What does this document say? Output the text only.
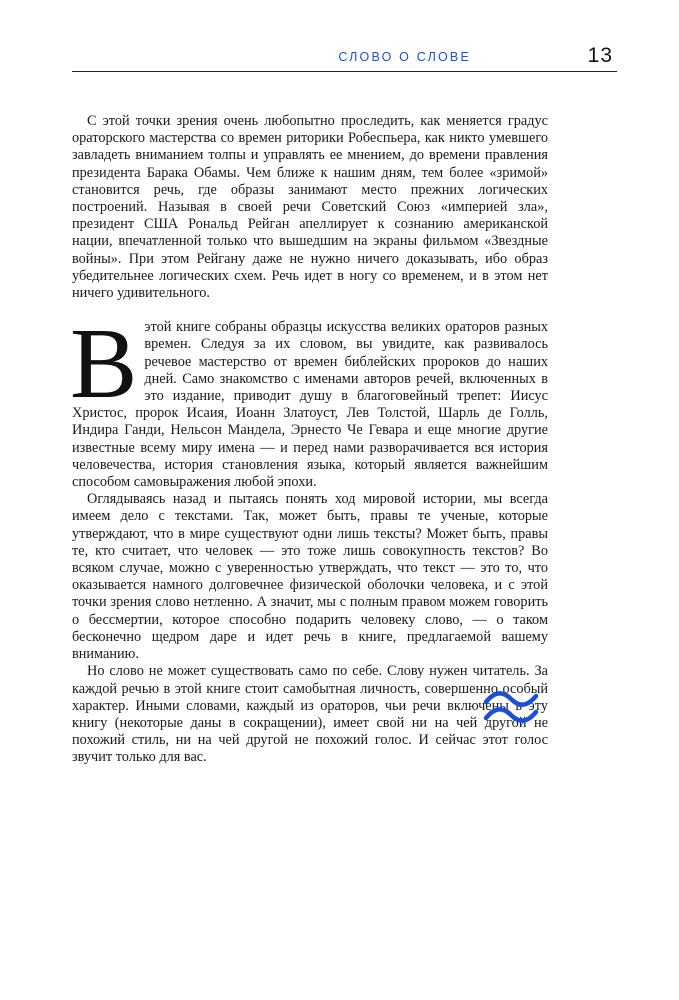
СЛОВО О СЛОВЕ	13

С этой точки зрения очень любопытно проследить, как меняется градус ораторского мастерства со времен риторики Робеспьера, как никто умевшего завладеть вниманием толпы и управлять ее мнением, до времени правления президента Барака Обамы. Чем ближе к нашим дням, тем более «зримой» становится речь, где образы занимают место прежних логических построений. Называя в своей речи Советский Союз «империей зла», президент США Рональд Рейган апеллирует к сознанию американской нации, впечатленной только что вышедшим на экраны фильмом «Звездные войны». При этом Рейгану даже не нужно ничего доказывать, ибо образ убедительнее логических схем. Речь идет в ногу со временем, и в этом нет ничего удивительного.

Вэтой книге собраны образцы искусства великих ораторов разных времен. Следуя за их словом, вы увидите, как развивалось речевое мастерство от времен библейских пророков до наших дней. Само знакомство с именами авторов речей, включенных в это издание, приводит душу в благоговейный трепет: Иисус Христос, пророк Исаия, Иоанн Златоуст, Лев Толстой, Шарль де Голль, Индира Ганди, Нельсон Мандела, Эрнесто Че Гевара и еще многие другие известные всему миру имена — и перед нами разворачивается вся история человечества, история становления языка, который является важнейшим способом самовыражения любой эпохи.

Оглядываясь назад и пытаясь понять ход мировой истории, мы всегда имеем дело с текстами. Так, может быть, правы те ученые, которые утверждают, что в мире существуют одни лишь тексты? Может быть, правы те, кто считает, что человек — это тоже лишь совокупность текстов? Во всяком случае, можно с уверенностью утверждать, что текст — это то, что оказывается намного долговечнее физической оболочки человека, и с этой точки зрения слово нетленно. А значит, мы с полным правом можем говорить о бессмертии, которое способно подарить человеку слово, — о таком бесконечно щедром даре и идет речь в книге, предлагаемой вашему вниманию.

Но слово не может существовать само по себе. Слову нужен читатель. За каждой речью в этой книге стоит самобытная личность, совершенно особый характер. Иными словами, каждый из ораторов, чьи речи включены в эту книгу (некоторые даны в сокращении), имеет свой ни на чей другой не похожий стиль, ни на чей другой не похожий голос. И сейчас этот голос звучит только для вас.
